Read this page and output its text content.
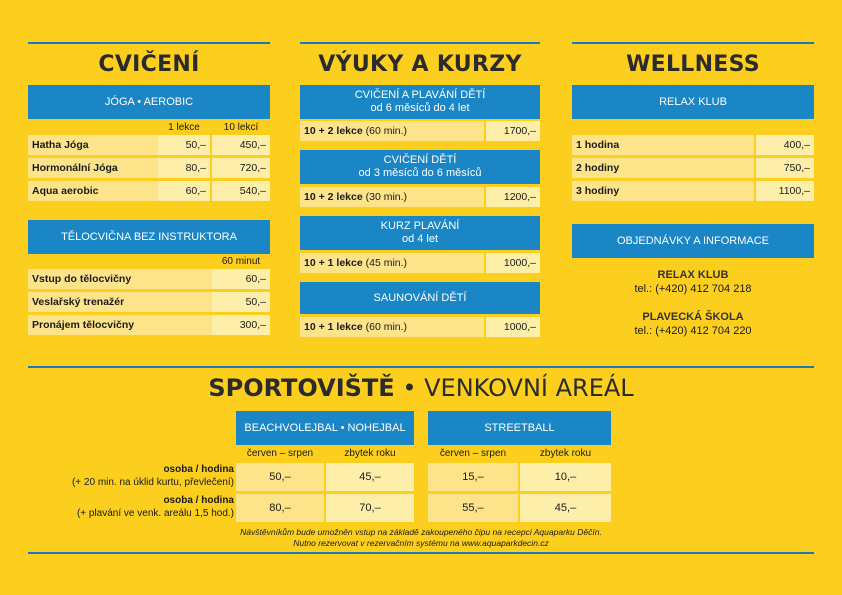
CVIČENÍ
JÓGA • AEROBIC
1 lekce	10 lekcí
Hatha Jóga	50,–	450,–
Hormonální Jóga	80,–	720,–
Aqua aerobic	60,–	540,–
TĚLOCVIČNA BEZ INSTRUKTORA
60 minut
Vstup do tělocvičny	60,–
Veslařský trenažér	50,–
Pronájem tělocvičny	300,–
VÝUKY A KURZY
CVIČENÍ A PLAVÁNÍ DĚTÍ
od 6 měsíců do 4 let
10 + 2 lekce (60 min.)	1700,–
CVIČENÍ DĚTÍ
od 3 měsíců do 6 měsíců
10 + 2 lekce (30 min.)	1200,–
KURZ PLAVÁNÍ
od 4 let
10 + 1 lekce (45 min.)	1000,–
SAUNOVÁNÍ DĚTÍ
10 + 1 lekce (60 min.)	1000,–
WELLNESS
RELAX KLUB
1 hodina	400,–
2 hodiny	750,–
3 hodiny	1100,–
OBJEDNÁVKY A INFORMACE
RELAX KLUB
tel.: (+420) 412 704 218
PLAVECKÁ ŠKOLA
tel.: (+420) 412 704 220
SPORTOVIŠTĚ • VENKOVNÍ AREÁL
BEACHVOLEJBAL • NOHEJBAL	STREETBALL
červen – srpen	zbytek roku	červen – srpen	zbytek roku
osoba / hodina
(+ 20 min. na úklid kurtu, převlečení)	50,–	45,–	15,–	10,–
osoba / hodina
(+ plavání ve venk. areálu 1,5 hod.)	80,–	70,–	55,–	45,–
Návštěvníkům bude umožněn vstup na základě zakoupeného čipu na recepci Aquaparku Děčín.
Nutno rezervovat v rezervačním systému na www.aquaparkdecin.cz
